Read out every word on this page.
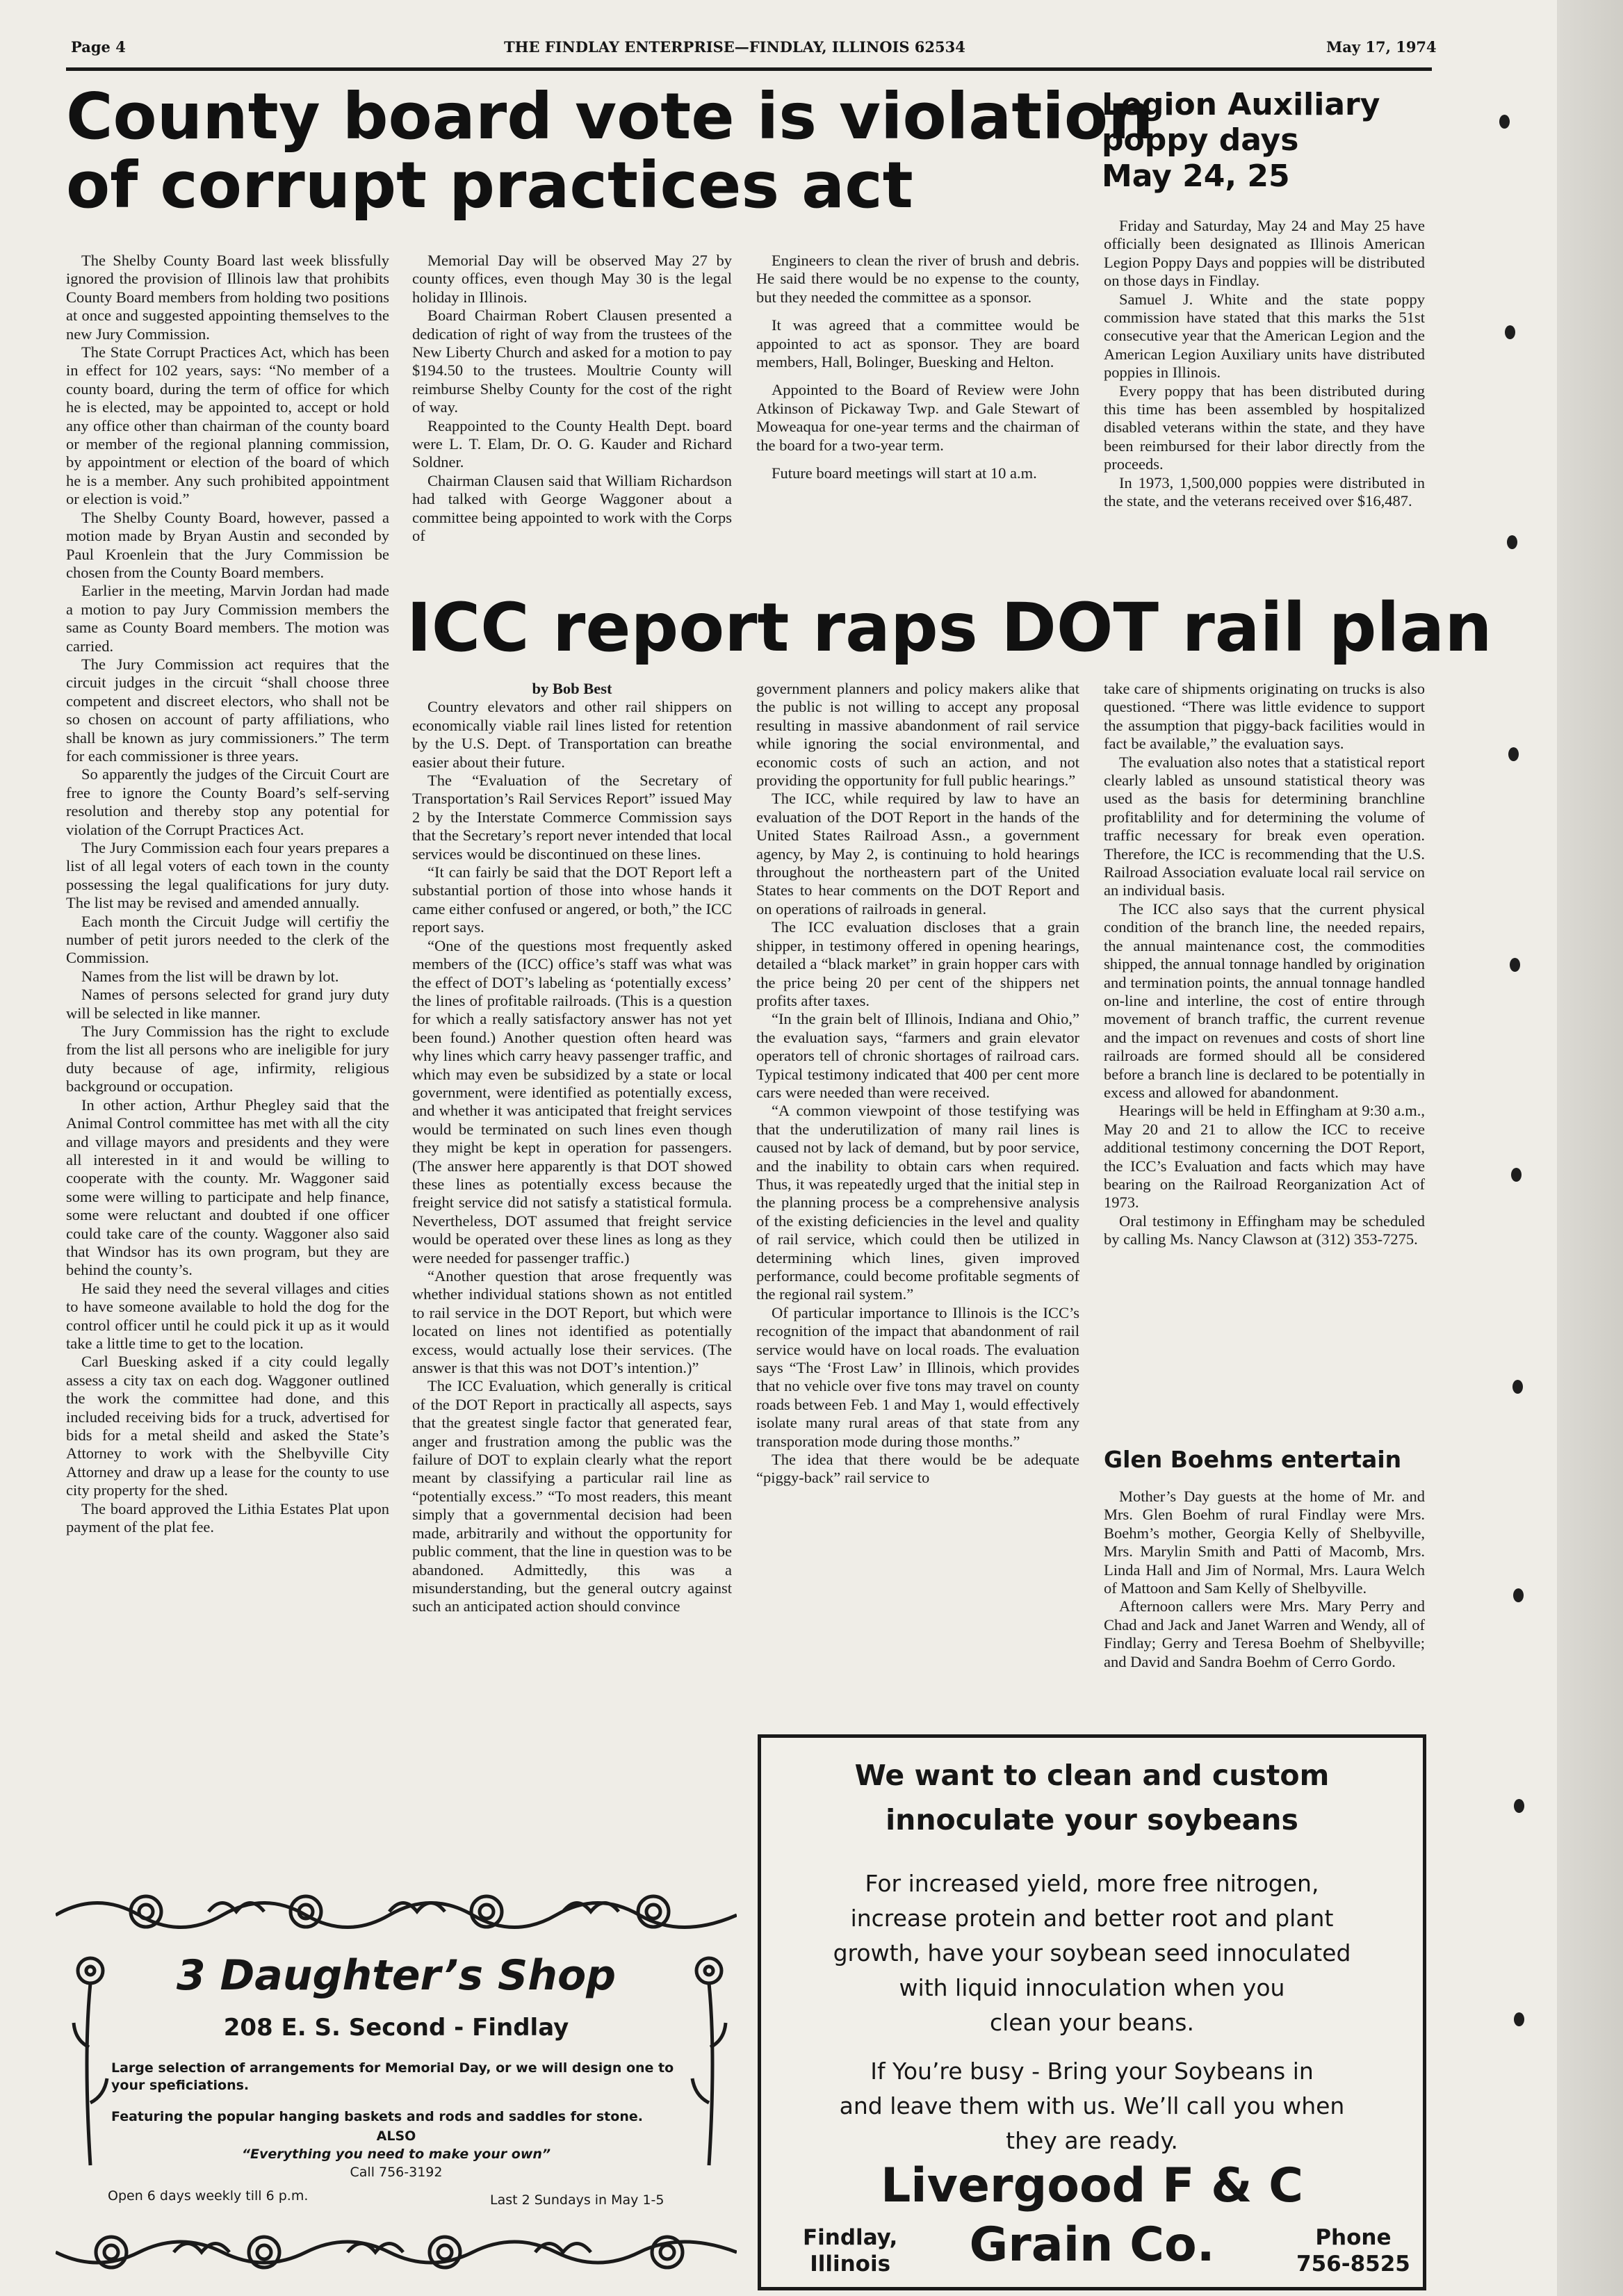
Page 4	THE FINDLAY ENTERPRISE—FINDLAY, ILLINOIS 62534	May 17, 1974
County board vote is violation
of corrupt practices act

The Shelby County Board last week blissfully ignored the provision of Illinois law that prohibits County Board members from holding two positions at once and suggested appointing themselves to the new Jury Commission.

The State Corrupt Practices Act, which has been in effect for 102 years, says: “No member of a county board, during the term of office for which he is elected, may be appointed to, accept or hold any office other than chairman of the county board or member of the regional planning commission, by appointment or election of the board of which he is a member. Any such prohibited appointment or election is void.”

The Shelby County Board, however, passed a motion made by Bryan Austin and seconded by Paul Kroenlein that the Jury Commission be chosen from the County Board members.

Earlier in the meeting, Marvin Jordan had made a motion to pay Jury Commission members the same as County Board members. The motion was carried.

The Jury Commission act requires that the circuit judges in the circuit “shall choose three competent and discreet electors, who shall not be so chosen on account of party affiliations, who shall be known as jury commissioners.” The term for each commissioner is three years.

So apparently the judges of the Circuit Court are free to ignore the County Board’s self-serving resolution and thereby stop any potential for violation of the Corrupt Practices Act.

The Jury Commission each four years prepares a list of all legal voters of each town in the county possessing the legal qualifications for jury duty. The list may be revised and amended annually.

Each month the Circuit Judge will certifiy the number of petit jurors needed to the clerk of the Commission.

Names from the list will be drawn by lot.

Names of persons selected for grand jury duty will be selected in like manner.

The Jury Commission has the right to exclude from the list all persons who are ineligible for jury duty because of age, infirmity, religious background or occupation.

In other action, Arthur Phegley said that the Animal Control committee has met with all the city and village mayors and presidents and they were all interested in it and would be willing to cooperate with the county. Mr. Waggoner said some were willing to participate and help finance, some were reluctant and doubted if one officer could take care of the county. Waggoner also said that Windsor has its own program, but they are behind the county’s.

He said they need the several villages and cities to have someone available to hold the dog for the control officer until he could pick it up as it would take a little time to get to the location.

Carl Buesking asked if a city could legally assess a city tax on each dog. Waggoner outlined the work the committee had done, and this included receiving bids for a truck, advertised for bids for a metal sheild and asked the State’s Attorney to work with the Shelbyville City Attorney and draw up a lease for the county to use city property for the shed.

The board approved the Lithia Estates Plat upon payment of the plat fee.

Memorial Day will be observed May 27 by county offices, even though May 30 is the legal holiday in Illinois.

Board Chairman Robert Clausen presented a dedication of right of way from the trustees of the New Liberty Church and asked for a motion to pay $194.50 to the trustees. Moultrie County will reimburse Shelby County for the cost of the right of way.

Reappointed to the County Health Dept. board were L. T. Elam, Dr. O. G. Kauder and Richard Soldner.

Chairman Clausen said that William Richardson had talked with George Waggoner about a committee being appointed to work with the Corps of

Engineers to clean the river of brush and debris. He said there would be no expense to the county, but they needed the committee as a sponsor.

It was agreed that a committee would be appointed to act as sponsor. They are board members, Hall, Bolinger, Buesking and Helton.

Appointed to the Board of Review were John Atkinson of Pickaway Twp. and Gale Stewart of Moweaqua for one-year terms and the chairman of the board for a two-year term.

Future board meetings will start at 10 a.m.

Legion Auxiliary
poppy days
May 24, 25

Friday and Saturday, May 24 and May 25 have officially been designated as Illinois American Legion Poppy Days and poppies will be distributed on those days in Findlay.

Samuel J. White and the state poppy commission have stated that this marks the 51st consecutive year that the American Legion and the American Legion Auxiliary units have distributed poppies in Illinois.

Every poppy that has been distributed during this time has been assembled by hospitalized disabled veterans within the state, and they have been reimbursed for their labor directly from the proceeds.

In 1973, 1,500,000 poppies were distributed in the state, and the veterans received over $16,487.

ICC report raps DOT rail plan

by Bob Best

Country elevators and other rail shippers on economically viable rail lines listed for retention by the U.S. Dept. of Transportation can breathe easier about their future.

The “Evaluation of the Secretary of Transportation’s Rail Services Report” issued May 2 by the Interstate Commerce Commission says that the Secretary’s report never intended that local services would be discontinued on these lines.

“It can fairly be said that the DOT Report left a substantial portion of those into whose hands it came either confused or angered, or both,” the ICC report says.

“One of the questions most frequently asked members of the (ICC) office’s staff was what was the effect of DOT’s labeling as ‘potentially excess’ the lines of profitable railroads. (This is a question for which a really satisfactory answer has not yet been found.) Another question often heard was why lines which carry heavy passenger traffic, and which may even be subsidized by a state or local government, were identified as potentially excess, and whether it was anticipated that freight services would be terminated on such lines even though they might be kept in operation for passengers. (The answer here apparently is that DOT showed these lines as potentially excess because the freight service did not satisfy a statistical formula. Nevertheless, DOT assumed that freight service would be operated over these lines as long as they were needed for passenger traffic.)

“Another question that arose frequently was whether individual stations shown as not entitled to rail service in the DOT Report, but which were located on lines not identified as potentially excess, would actually lose their services. (The answer is that this was not DOT’s intention.)”

The ICC Evaluation, which generally is critical of the DOT Report in practically all aspects, says that the greatest single factor that generated fear, anger and frustration among the public was the failure of DOT to explain clearly what the report meant by classifying a particular rail line as “potentially excess.” “To most readers, this meant simply that a governmental decision had been made, arbitrarily and without the opportunity for public comment, that the line in question was to be abandoned. Admittedly, this was a misunderstanding, but the general outcry against such an anticipated action should convince

government planners and policy makers alike that the public is not willing to accept any proposal resulting in massive abandonment of rail service while ignoring the social environmental, and economic costs of such an action, and not providing the opportunity for full public hearings.”

The ICC, while required by law to have an evaluation of the DOT Report in the hands of the United States Railroad Assn., a government agency, by May 2, is continuing to hold hearings throughout the northeastern part of the United States to hear comments on the DOT Report and on operations of railroads in general.

The ICC evaluation discloses that a grain shipper, in testimony offered in opening hearings, detailed a “black market” in grain hopper cars with the price being 20 per cent of the shippers net profits after taxes.

“In the grain belt of Illinois, Indiana and Ohio,” the evaluation says, “farmers and grain elevator operators tell of chronic shortages of railroad cars. Typical testimony indicated that 400 per cent more cars were needed than were received.

“A common viewpoint of those testifying was that the underutilization of many rail lines is caused not by lack of demand, but by poor service, and the inability to obtain cars when required. Thus, it was repeatedly urged that the initial step in the planning process be a comprehensive analysis of the existing deficiencies in the level and quality of rail service, which could then be utilized in determining which lines, given improved performance, could become profitable segments of the regional rail system.”

Of particular importance to Illinois is the ICC’s recognition of the impact that abandonment of rail service would have on local roads. The evaluation says “The ‘Frost Law’ in Illinois, which provides that no vehicle over five tons may travel on county roads between Feb. 1 and May 1, would effectively isolate many rural areas of that state from any transporation mode during those months.”

The idea that there would be be adequate “piggy-back” rail service to

take care of shipments originating on trucks is also questioned. “There was little evidence to support the assumption that piggy-back facilities would in fact be available,” the evaluation says.

The evaluation also notes that a statistical report clearly labled as unsound statistical theory was used as the basis for determining branchline profitablility and for determining the volume of traffic necessary for break even operation. Therefore, the ICC is recommending that the U.S. Railroad Association evaluate local rail service on an individual basis.

The ICC also says that the current physical condition of the branch line, the needed repairs, the annual maintenance cost, the commodities shipped, the annual tonnage handled by origination and termination points, the annual tonnage handled on-line and interline, the cost of entire through movement of branch traffic, the current revenue and the impact on revenues and costs of short line railroads are formed should all be considered before a branch line is declared to be potentially in excess and allowed for abandonment.

Hearings will be held in Effingham at 9:30 a.m., May 20 and 21 to allow the ICC to receive additional testimony concerning the DOT Report, the ICC’s Evaluation and facts which may have bearing on the Railroad Reorganization Act of 1973.

Oral testimony in Effingham may be scheduled by calling Ms. Nancy Clawson at (312) 353-7275.

Glen Boehms entertain

Mother’s Day guests at the home of Mr. and Mrs. Glen Boehm of rural Findlay were Mrs. Boehm’s mother, Georgia Kelly of Shelbyville, Mrs. Marylin Smith and Patti of Macomb, Mrs. Linda Hall and Jim of Normal, Mrs. Laura Welch of Mattoon and Sam Kelly of Shelbyville.

Afternoon callers were Mrs. Mary Perry and Chad and Jack and Janet Warren and Wendy, all of Findlay; Gerry and Teresa Boehm of Shelbyville; and David and Sandra Boehm of Cerro Gordo.

3 Daughter’s Shop
208 E. S. Second - Findlay
Large selection of arrangements for Memorial Day, or we will design one to
your speficiations.
Featuring the popular hanging baskets and rods and saddles for stone.
ALSO
“Everything you need to make your own”
Call 756-3192
Open 6 days weekly till 6 p.m.	Last 2 Sundays in May 1-5
We want to clean and custom
innoculate your soybeans
For increased yield, more free nitrogen,
increase protein and better root and plant
growth, have your soybean seed innoculated
with liquid innoculation when you
clean your beans.
If You’re busy - Bring your Soybeans in
and leave them with us. We’ll call you when
they are ready.
Livergood F & C
Grain Co.
Findlay,
Illinois
Phone
756-8525
